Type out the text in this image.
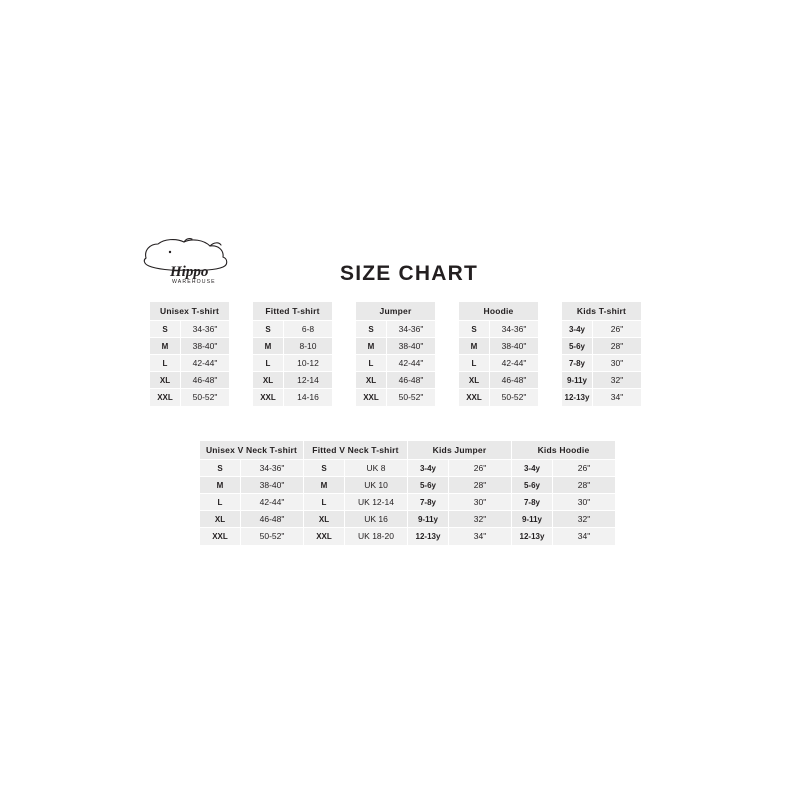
Hippo
WAREHOUSE	SIZE CHART
Unisex T-shirt	
S	34-36"
M	38-40"
L	42-44"
XL	46-48"
XXL	50-52"
Fitted T-shirt	
S	6-8
M	8-10
L	10-12
XL	12-14
XXL	14-16
Jumper	
S	34-36"
M	38-40"
L	42-44"
XL	46-48"
XXL	50-52"
Hoodie	
S	34-36"
M	38-40"
L	42-44"
XL	46-48"
XXL	50-52"
Kids T-shirt	
3-4y	26"
5-6y	28"
7-8y	30"
9-11y	32"
12-13y	34"
Unisex V Neck T-shirt	
S	34-36"
M	38-40"
L	42-44"
XL	46-48"
XXL	50-52"
Fitted V Neck T-shirt	
S	UK 8
M	UK 10
L	UK 12-14
XL	UK 16
XXL	UK 18-20
Kids Jumper	
3-4y	26"
5-6y	28"
7-8y	30"
9-11y	32"
12-13y	34"
Kids Hoodie	
3-4y	26"
5-6y	28"
7-8y	30"
9-11y	32"
12-13y	34"
